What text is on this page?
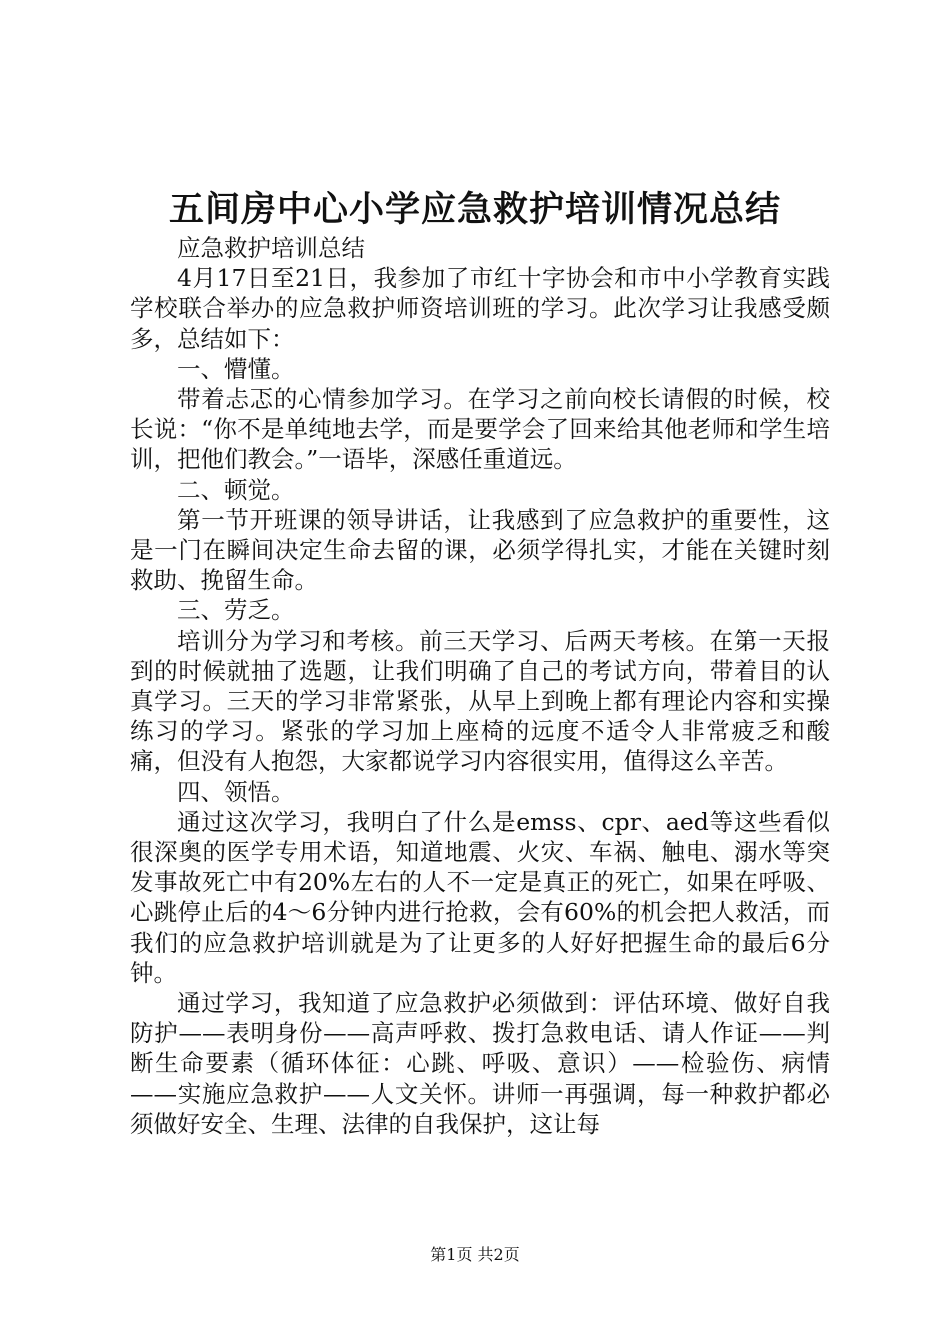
五间房中心小学应急救护培训情况总结

应急救护培训总结

4月17日至21日，我参加了市红十字协会和市中小学教育实践学校联合举办的应急救护师资培训班的学习。此次学习让我感受颇多，总结如下：

一、懵懂。

带着忐忑的心情参加学习。在学习之前向校长请假的时候，校长说：“你不是单纯地去学，而是要学会了回来给其他老师和学生培训，把他们教会。”一语毕，深感任重道远。

二、顿觉。

第一节开班课的领导讲话，让我感到了应急救护的重要性，这是一门在瞬间决定生命去留的课，必须学得扎实，才能在关键时刻救助、挽留生命。

三、劳乏。

培训分为学习和考核。前三天学习、后两天考核。在第一天报到的时候就抽了选题，让我们明确了自己的考试方向，带着目的认真学习。三天的学习非常紧张，从早上到晚上都有理论内容和实操练习的学习。紧张的学习加上座椅的远度不适令人非常疲乏和酸痛，但没有人抱怨，大家都说学习内容很实用，值得这么辛苦。

四、领悟。

通过这次学习，我明白了什么是emss、cpr、aed等这些看似很深奥的医学专用术语，知道地震、火灾、车祸、触电、溺水等突发事故死亡中有20%左右的人不一定是真正的死亡，如果在呼吸、心跳停止后的4～6分钟内进行抢救，会有60%的机会把人救活，而我们的应急救护培训就是为了让更多的人好好把握生命的最后6分钟。

通过学习，我知道了应急救护必须做到：评估环境、做好自我防护——表明身份——高声呼救、拨打急救电话、请人作证——判断生命要素（循环体征：心跳、呼吸、意识）——检验伤、病情——实施应急救护——人文关怀。讲师一再强调，每一种救护都必须做好安全、生理、法律的自我保护，这让每

第1页 共2页
